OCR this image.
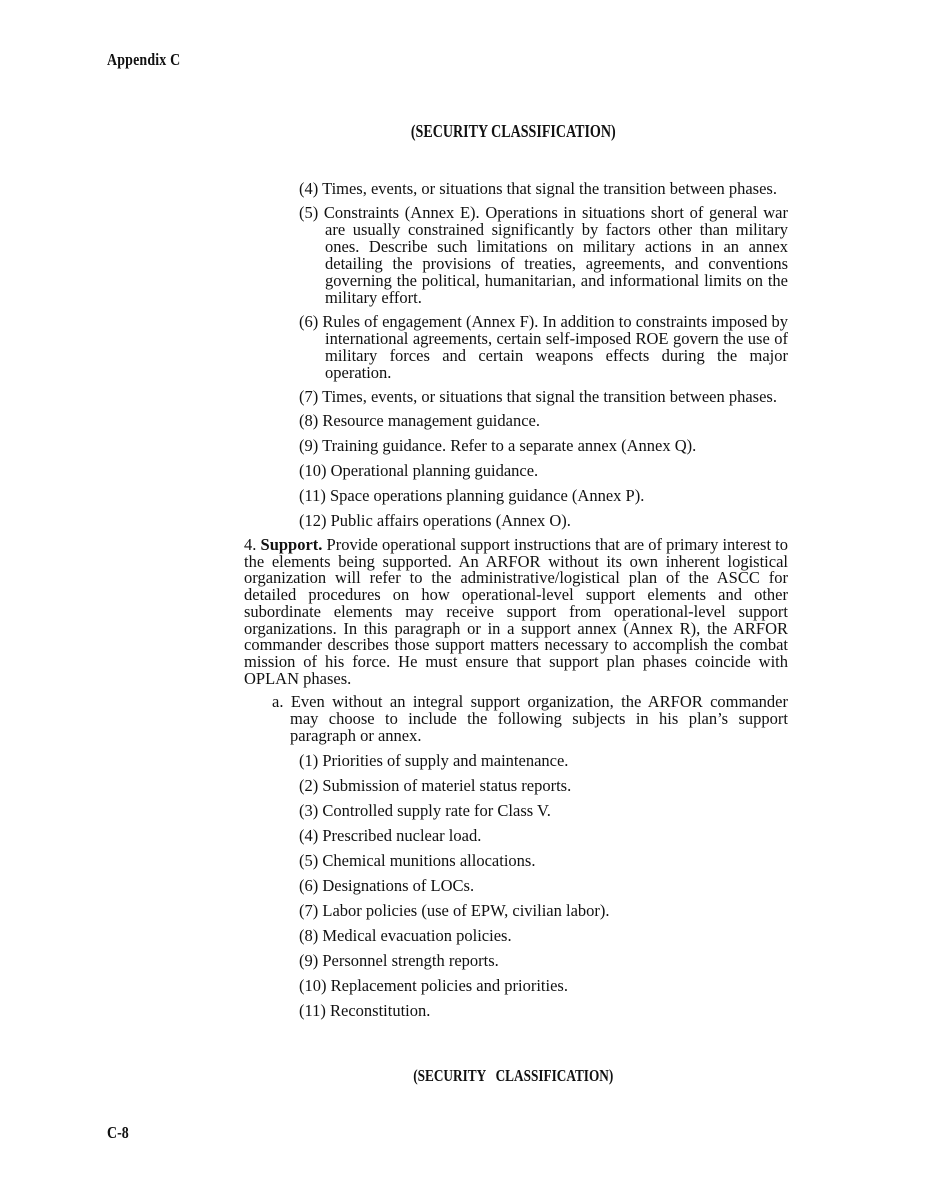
Appendix C
(SECURITY CLASSIFICATION)
(4) Times, events, or situations that signal the transition between phases.
(5) Constraints (Annex E). Operations in situations short of general war are usually constrained significantly by factors other than military ones. Describe such limitations on military actions in an annex detailing the provisions of treaties, agreements, and conventions governing the political, humanitarian, and informational limits on the military effort.
(6) Rules of engagement (Annex F). In addition to constraints imposed by international agreements, certain self-imposed ROE govern the use of military forces and certain weapons effects during the major operation.
(7) Times, events, or situations that signal the transition between phases.
(8) Resource management guidance.
(9) Training guidance. Refer to a separate annex (Annex Q).
(10) Operational planning guidance.
(11) Space operations planning guidance (Annex P).
(12) Public affairs operations (Annex O).
4. Support. Provide operational support instructions that are of primary interest to the elements being supported. An ARFOR without its own inherent logistical organization will refer to the administrative/logistical plan of the ASCC for detailed procedures on how operational-level support elements and other subordinate elements may receive support from operational-level support organizations. In this paragraph or in a support annex (Annex R), the ARFOR commander describes those support matters necessary to accomplish the combat mission of his force. He must ensure that support plan phases coincide with OPLAN phases.
a. Even without an integral support organization, the ARFOR commander may choose to include the following subjects in his plan’s support paragraph or annex.
(1) Priorities of supply and maintenance.
(2) Submission of materiel status reports.
(3) Controlled supply rate for Class V.
(4) Prescribed nuclear load.
(5) Chemical munitions allocations.
(6) Designations of LOCs.
(7) Labor policies (use of EPW, civilian labor).
(8) Medical evacuation policies.
(9) Personnel strength reports.
(10) Replacement policies and priorities.
(11) Reconstitution.
(SECURITY   CLASSIFICATION)
C-8
